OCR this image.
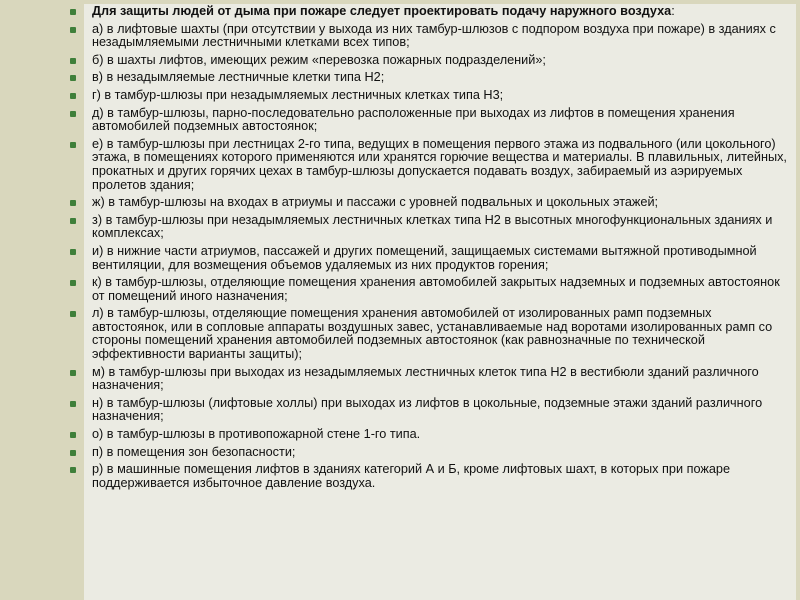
Для защиты людей от дыма при пожаре следует проектировать подачу наружного воздуха:
а) в лифтовые шахты (при отсутствии у выхода из них тамбур-шлюзов с подпором воздуха при пожаре) в зданиях с незадымляемыми лестничными клетками всех типов;
б) в шахты лифтов, имеющих режим «перевозка пожарных подразделений»;
в) в незадымляемые лестничные клетки типа Н2;
г) в тамбур-шлюзы при незадымляемых лестничных клетках типа Н3;
д) в тамбур-шлюзы, парно-последовательно расположенные при выходах из лифтов в помещения хранения автомобилей подземных автостоянок;
е) в тамбур-шлюзы при лестницах 2-го типа, ведущих в помещения первого этажа из подвального (или цокольного) этажа, в помещениях которого применяются или хранятся горючие вещества и материалы. В плавильных, литейных, прокатных и других горячих цехах в тамбур-шлюзы допускается подавать воздух, забираемый из аэрируемых пролетов здания;
ж) в тамбур-шлюзы на входах в атриумы и пассажи с уровней подвальных и цокольных этажей;
з) в тамбур-шлюзы при незадымляемых лестничных клетках типа Н2 в высотных многофункциональных зданиях и комплексах;
и) в нижние части атриумов, пассажей и других помещений, защищаемых системами вытяжной противодымной вентиляции, для возмещения объемов удаляемых из них продуктов горения;
к) в тамбур-шлюзы, отделяющие помещения хранения автомобилей закрытых надземных и подземных автостоянок от помещений иного назначения;
л) в тамбур-шлюзы, отделяющие помещения хранения автомобилей от изолированных рамп подземных автостоянок, или в сопловые аппараты воздушных завес, устанавливаемые над воротами изолированных рамп со стороны помещений хранения автомобилей подземных автостоянок (как равнозначные по технической эффективности варианты защиты);
м) в тамбур-шлюзы при выходах из незадымляемых лестничных клеток типа Н2 в вестибюли зданий различного назначения;
н) в тамбур-шлюзы (лифтовые холлы) при выходах из лифтов в цокольные, подземные этажи зданий различного назначения;
о) в тамбур-шлюзы в противопожарной стене 1-го типа.
п) в помещения зон безопасности;
р) в машинные помещения лифтов в зданиях категорий А и Б, кроме лифтовых шахт, в которых при пожаре поддерживается избыточное давление воздуха.
